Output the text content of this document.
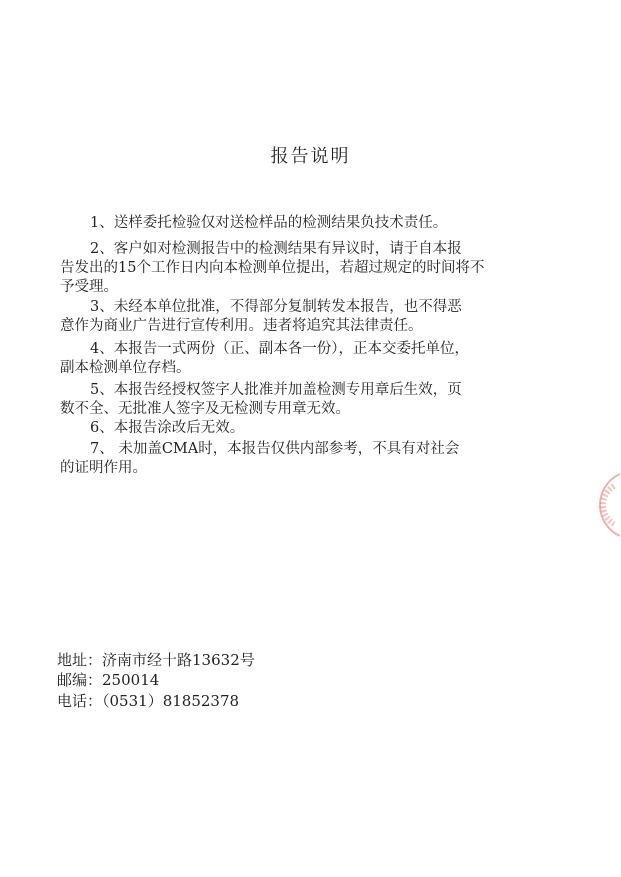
报告说明
1、送样委托检验仅对送检样品的检测结果负技术责任。
2、客户如对检测报告中的检测结果有异议时，请于自本报
告发出的15个工作日内向本检测单位提出，若超过规定的时间将不
予受理。
3、未经本单位批准，不得部分复制转发本报告，也不得恶
意作为商业广告进行宣传利用。违者将追究其法律责任。
4、本报告一式两份（正、副本各一份），正本交委托单位，
副本检测单位存档。
5、本报告经授权签字人批准并加盖检测专用章后生效，页
数不全、无批准人签字及无检测专用章无效。
6、本报告涂改后无效。
7、 未加盖CMA时，本报告仅供内部参考，不具有对社会
的证明作用。
地址：济南市经十路13632号
邮编：250014
电话：（0531）81852378
